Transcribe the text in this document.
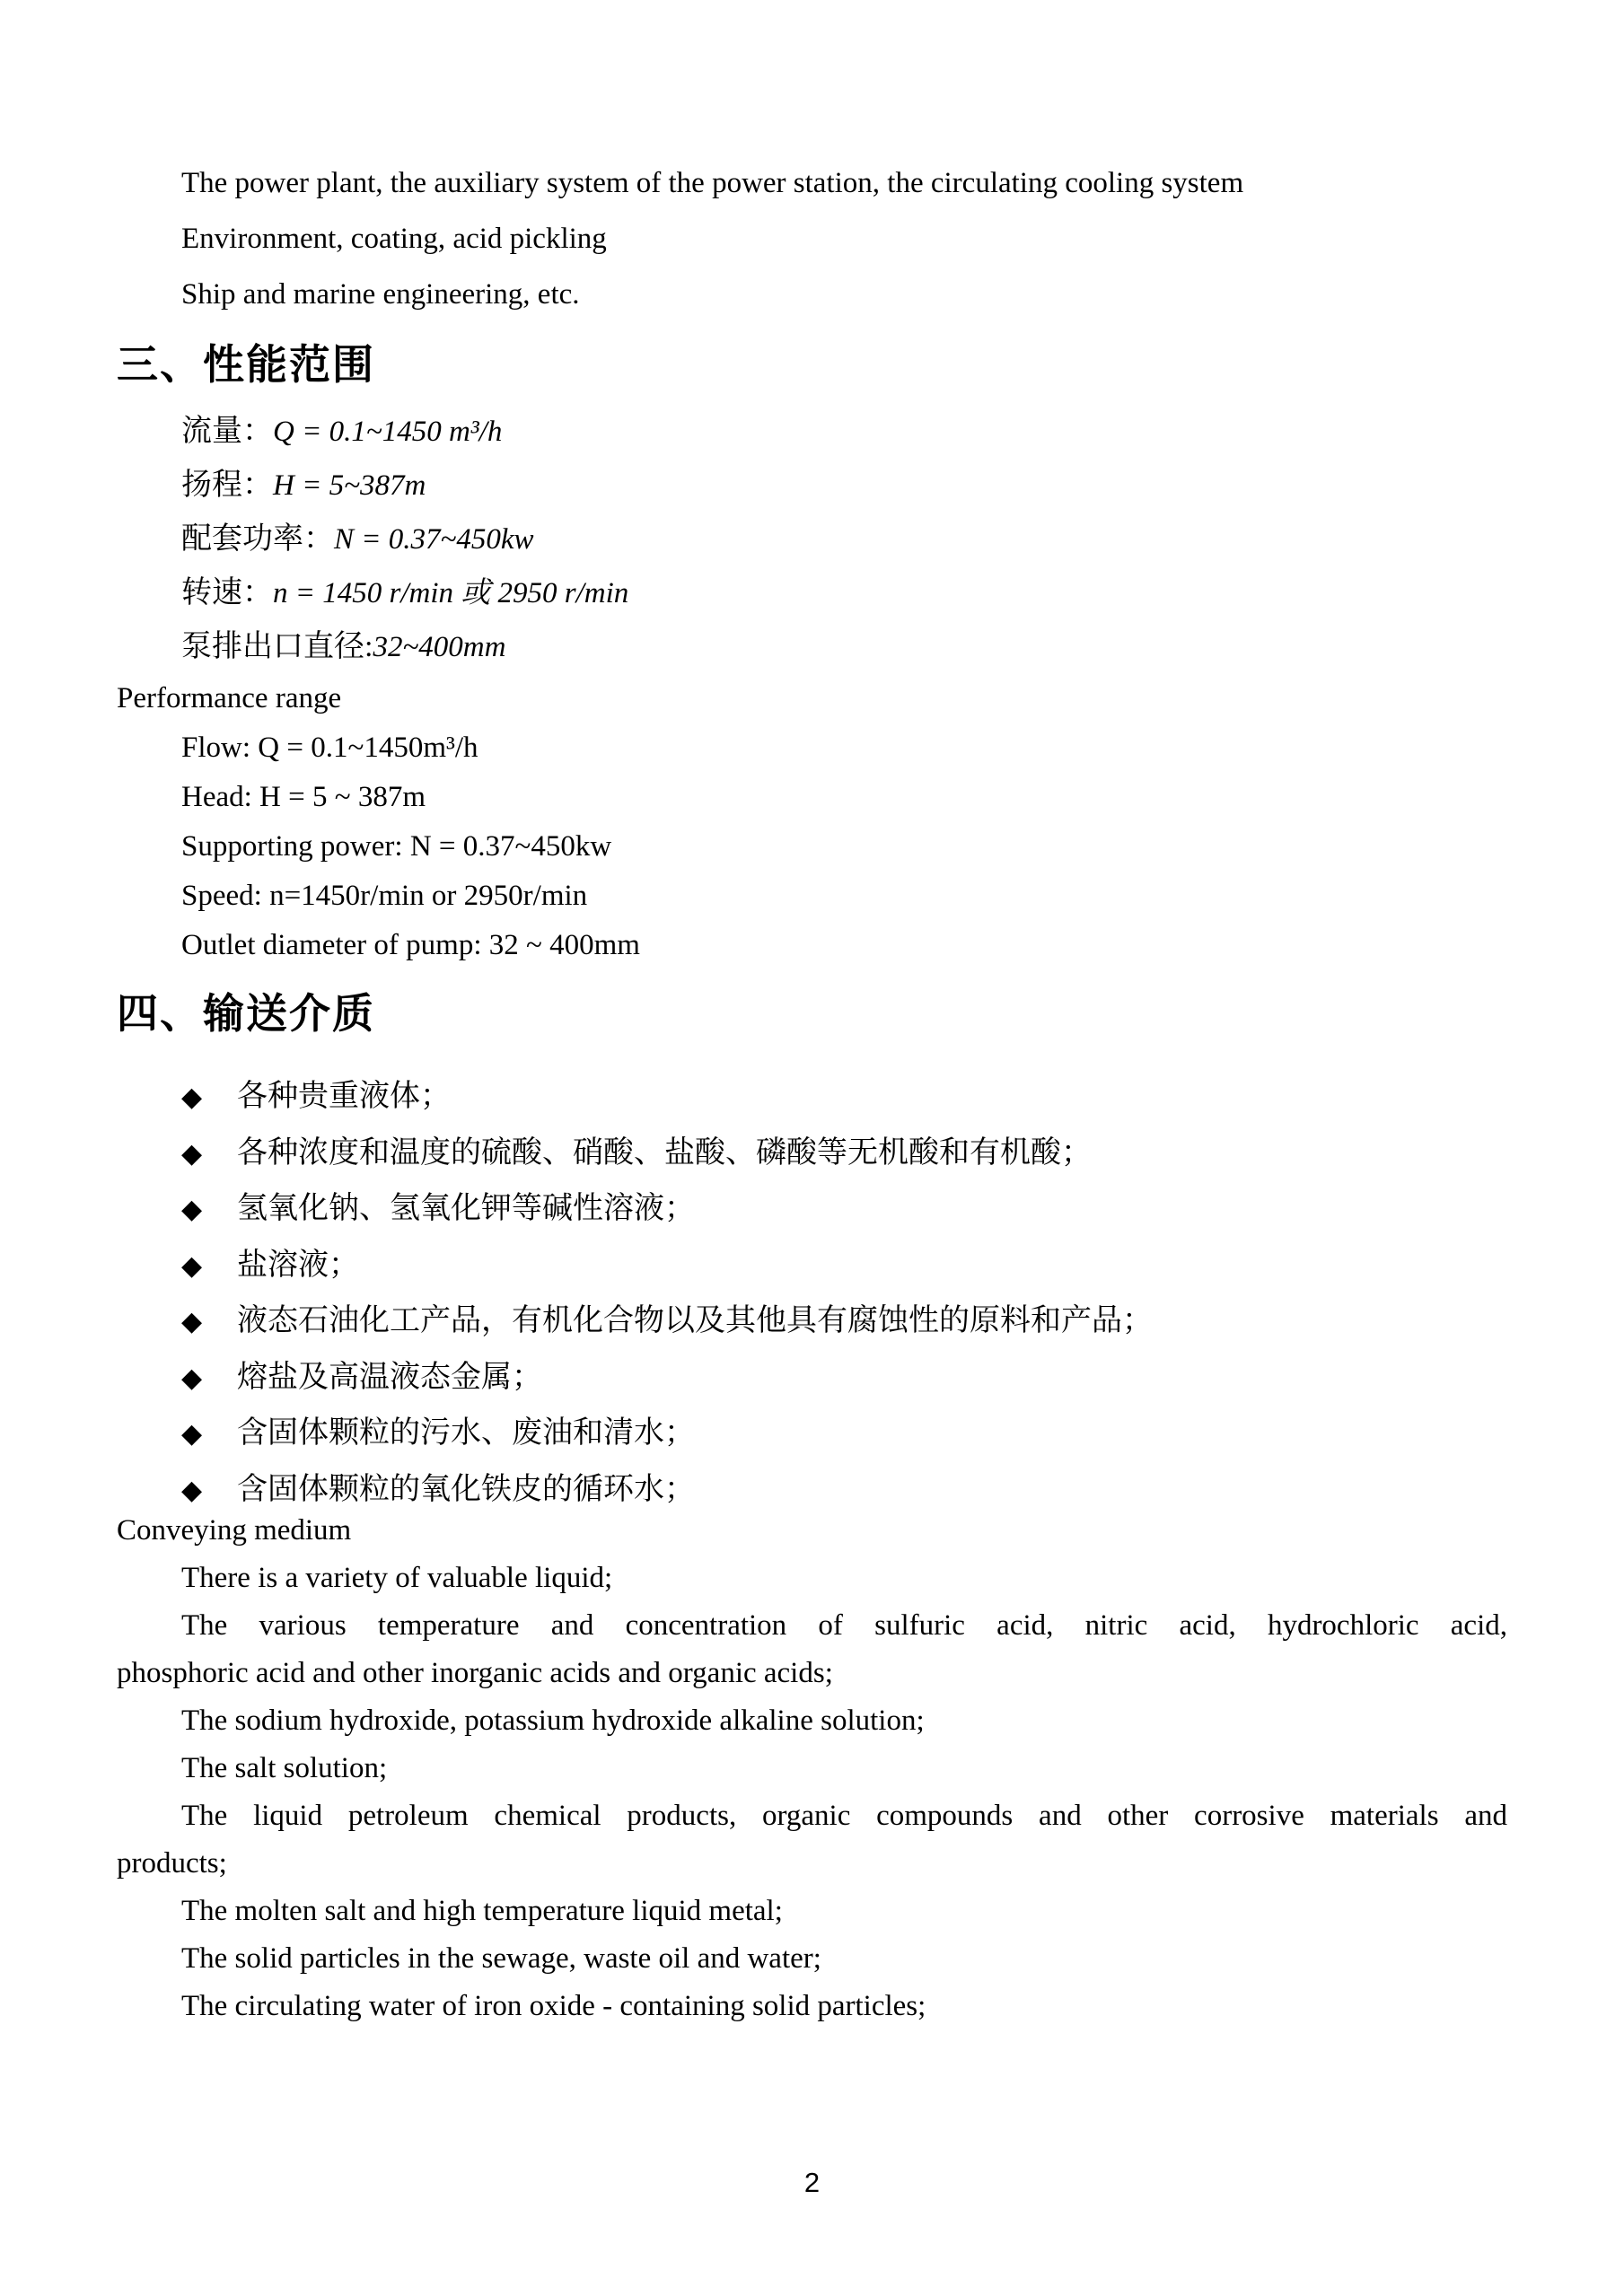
The power plant, the auxiliary system of the power station, the circulating cooling system
Environment, coating, acid pickling
Ship and marine engineering, etc.
三、性能范围
流量：Q = 0.1~1450 m³/h
扬程：H = 5~387m
配套功率：N = 0.37~450kw
转速：n = 1450 r/min 或 2950 r/min
泵排出口直径:32~400mm
Performance range
Flow: Q = 0.1~1450m³/h
Head: H = 5 ~ 387m
Supporting power: N = 0.37~450kw
Speed: n=1450r/min or 2950r/min
Outlet diameter of pump: 32 ~ 400mm
四、输送介质
◆ 各种贵重液体；
◆ 各种浓度和温度的硫酸、硝酸、盐酸、磷酸等无机酸和有机酸；
◆ 氢氧化钠、氢氧化钾等碱性溶液；
◆ 盐溶液；
◆ 液态石油化工产品，有机化合物以及其他具有腐蚀性的原料和产品；
◆ 熔盐及高温液态金属；
◆ 含固体颗粒的污水、废油和清水；
◆ 含固体颗粒的氧化铁皮的循环水；
Conveying medium
There is a variety of valuable liquid;
The various temperature and concentration of sulfuric acid, nitric acid, hydrochloric acid,
phosphoric acid and other inorganic acids and organic acids;
The sodium hydroxide, potassium hydroxide alkaline solution;
The salt solution;
The liquid petroleum chemical products, organic compounds and other corrosive materials and
products;
The molten salt and high temperature liquid metal;
The solid particles in the sewage, waste oil and water;
The circulating water of iron oxide - containing solid particles;
2
